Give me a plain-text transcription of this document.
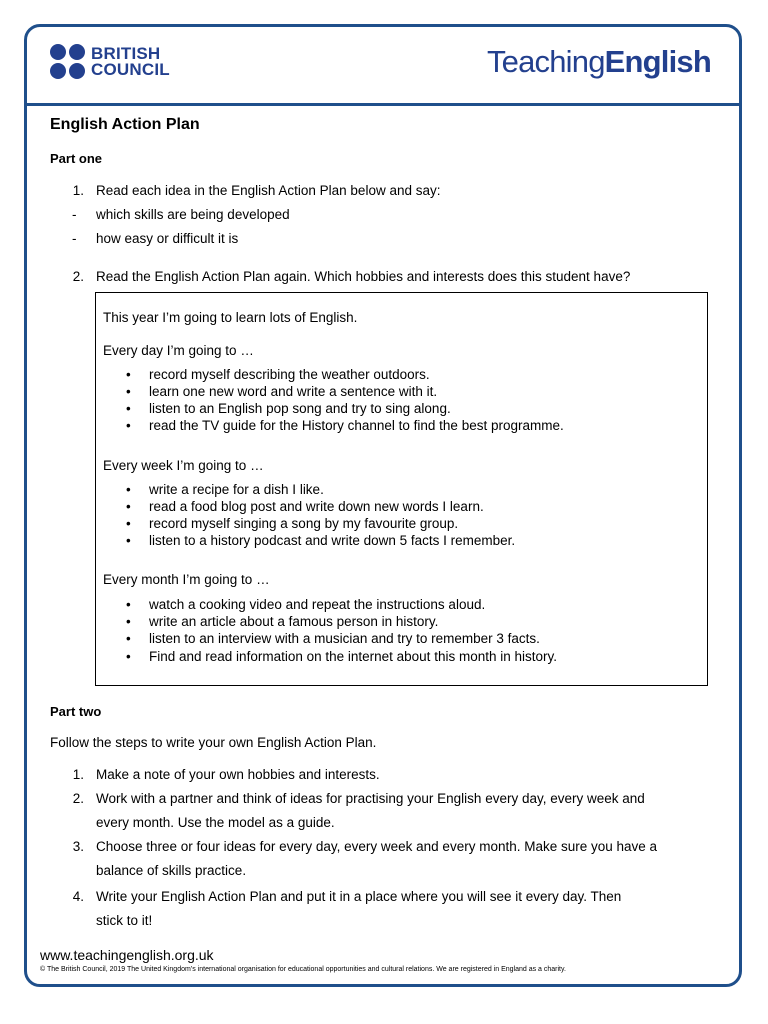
BRITISH
COUNCIL	TeachingEnglish
English Action Plan
Part one
1. Read each idea in the English Action Plan below and say:
- which skills are being developed
- how easy or difficult it is
2. Read the English Action Plan again. Which hobbies and interests does this student have?
This year I’m going to learn lots of English.
Every day I’m going to …
• record myself describing the weather outdoors.
• learn one new word and write a sentence with it.
• listen to an English pop song and try to sing along.
• read the TV guide for the History channel to find the best programme.
Every week I’m going to …
• write a recipe for a dish I like.
• read a food blog post and write down new words I learn.
• record myself singing a song by my favourite group.
• listen to a history podcast and write down 5 facts I remember.
Every month I’m going to …
• watch a cooking video and repeat the instructions aloud.
• write an article about a famous person in history.
• listen to an interview with a musician and try to remember 3 facts.
• Find and read information on the internet about this month in history.
Part two
Follow the steps to write your own English Action Plan.
1. Make a note of your own hobbies and interests.
2. Work with a partner and think of ideas for practising your English every day, every week and
every month. Use the model as a guide.
3. Choose three or four ideas for every day, every week and every month. Make sure you have a
balance of skills practice.
4. Write your English Action Plan and put it in a place where you will see it every day. Then
stick to it!
www.teachingenglish.org.uk
© The British Council, 2019 The United Kingdom’s international organisation for educational opportunities and cultural relations. We are registered in England as a charity.
